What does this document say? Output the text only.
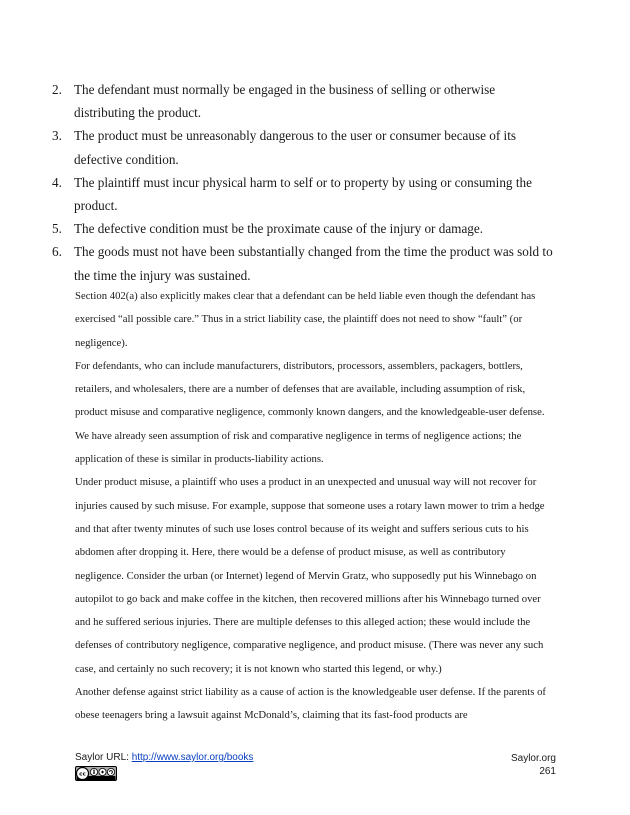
2. The defendant must normally be engaged in the business of selling or otherwise distributing the product.
3. The product must be unreasonably dangerous to the user or consumer because of its defective condition.
4. The plaintiff must incur physical harm to self or to property by using or consuming the product.
5. The defective condition must be the proximate cause of the injury or damage.
6. The goods must not have been substantially changed from the time the product was sold to the time the injury was sustained.

Section 402(a) also explicitly makes clear that a defendant can be held liable even though the defendant has exercised “all possible care.” Thus in a strict liability case, the plaintiff does not need to show “fault” (or negligence).

For defendants, who can include manufacturers, distributors, processors, assemblers, packagers, bottlers, retailers, and wholesalers, there are a number of defenses that are available, including assumption of risk, product misuse and comparative negligence, commonly known dangers, and the knowledgeable-user defense. We have already seen assumption of risk and comparative negligence in terms of negligence actions; the application of these is similar in products-liability actions.

Under product misuse, a plaintiff who uses a product in an unexpected and unusual way will not recover for injuries caused by such misuse. For example, suppose that someone uses a rotary lawn mower to trim a hedge and that after twenty minutes of such use loses control because of its weight and suffers serious cuts to his abdomen after dropping it. Here, there would be a defense of product misuse, as well as contributory negligence. Consider the urban (or Internet) legend of Mervin Gratz, who supposedly put his Winnebago on autopilot to go back and make coffee in the kitchen, then recovered millions after his Winnebago turned over and he suffered serious injuries. There are multiple defenses to this alleged action; these would include the defenses of contributory negligence, comparative negligence, and product misuse. (There was never any such case, and certainly no such recovery; it is not known who started this legend, or why.)

Another defense against strict liability as a cause of action is the knowledgeable user defense. If the parents of obese teenagers bring a lawsuit against McDonald’s, claiming that its fast-food products are

Saylor URL: http://www.saylor.org/books
cc
Saylor.org
261
